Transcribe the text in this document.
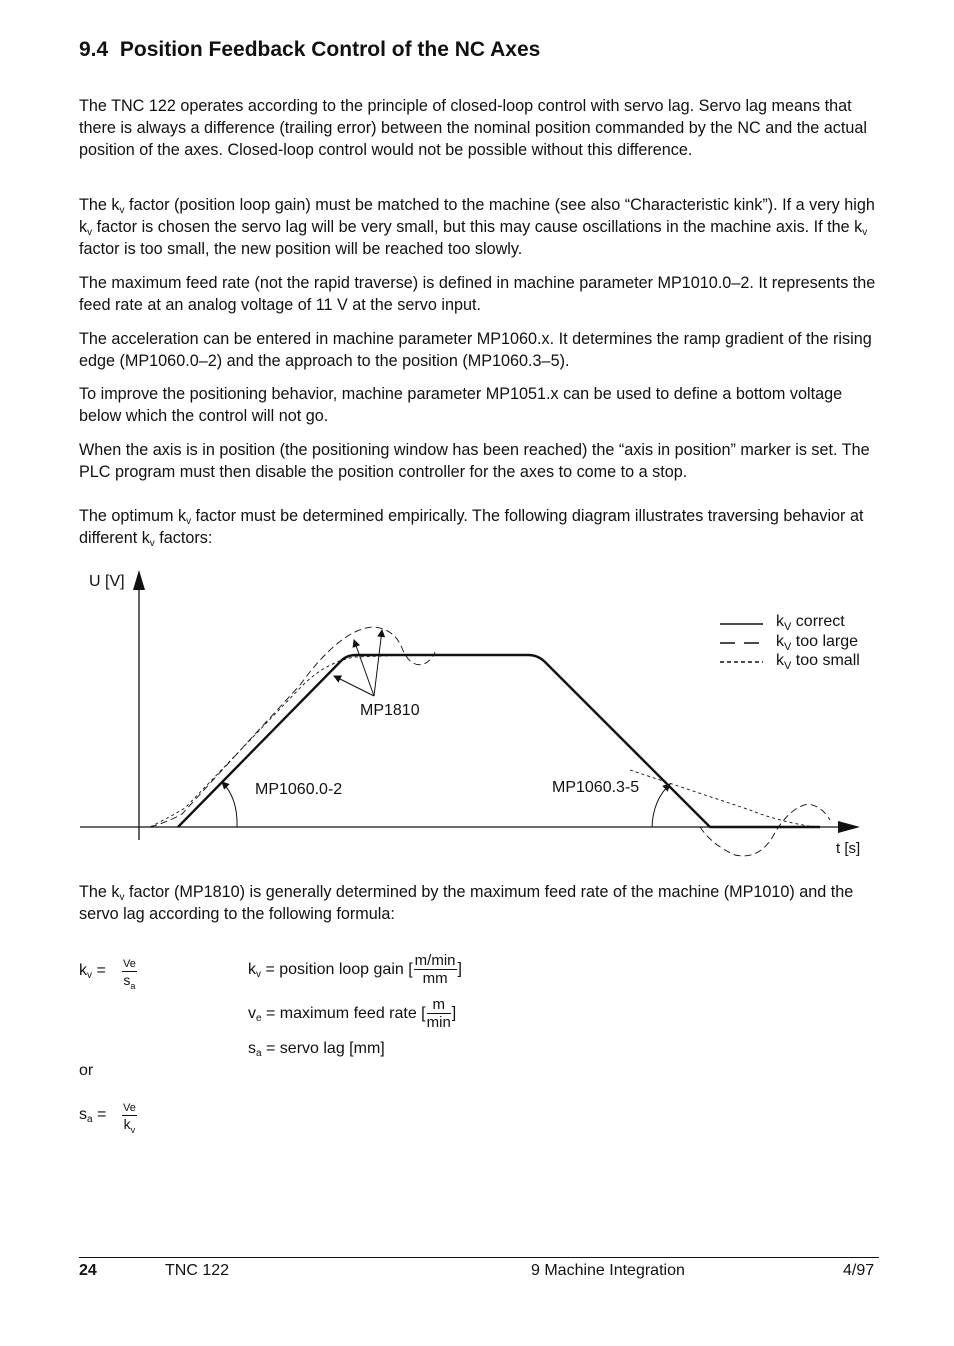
9.4 Position Feedback Control of the NC Axes

The TNC 122 operates according to the principle of closed-loop control with servo lag. Servo lag means that there is always a difference (trailing error) between the nominal position commanded by the NC and the actual position of the axes. Closed-loop control would not be possible without this difference.

The $k_v$ factor (position loop gain) must be matched to the machine (see also “Characteristic kink”). If a very high $k_v$ factor is chosen the servo lag will be very small, but this may cause oscillations in the machine axis. If the $k_v$ factor is too small, the new position will be reached too slowly.

The maximum feed rate (not the rapid traverse) is defined in machine parameter MP1010.0–2. It represents the feed rate at an analog voltage of 11 V at the servo input.

The acceleration can be entered in machine parameter MP1060.x. It determines the ramp gradient of the rising edge (MP1060.0–2) and the approach to the position (MP1060.3–5).

To improve the positioning behavior, machine parameter MP1051.x can be used to define a bottom voltage below which the control will not go.

When the axis is in position (the positioning window has been reached) the “axis in position” marker is set. The PLC program must then disable the position controller for the axes to come to a stop.

The optimum $k_v$ factor must be determined empirically. The following diagram illustrates traversing behavior at different $k_v$ factors:

U [V]
t [s]
MP1810
MP1060.0-2	MP1060.3-5
$k_V$ correct
$k_V$ too large
$k_V$ too small

The $k_v$ factor (MP1810) is generally determined by the maximum feed rate of the machine (MP1010) and the servo lag according to the following formula:

$k_v = Ve$
$s_a$
$k_v$ = position loop gain [ m/min
mm
]
$v_e$ = maximum feed rate [ m
min
]
$s_a$ = servo lag [mm]
or
$s_a = Ve$
$k_v$
24	TNC 122	9 Machine Integration	4/97
